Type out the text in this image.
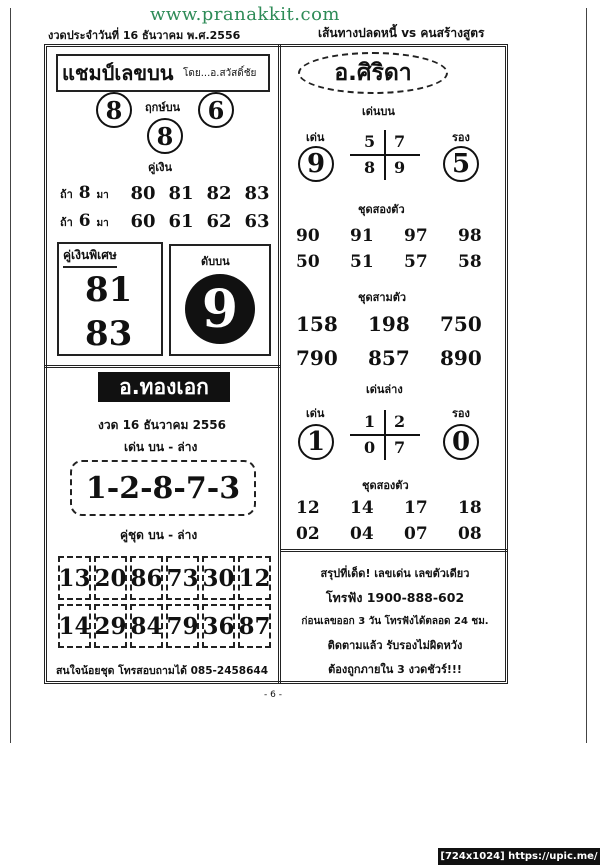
www.pranakkit.com
งวดประจำวันที่ 16 ธันวาคม พ.ศ.2556	เส้นทางปลดหนี้ vs คนสร้างสูตร
แชมป์เลขบน โดย...อ.สวัสดิ์ชัย
8	ฤกษ์บน	6
8
คู่เงิน
ถ้า 8 มา	80 81 82 83
ถ้า 6 มา	60 61 62 63
คู่เงินพิเศษ
81
83
ดับบน
9
อ.ทองเอก
งวด 16 ธันวาคม 2556
เด่น บน - ล่าง
1-2-8-7-3
คู่ชุด บน - ล่าง
13 20 86 73 30 12
14 29 84 79 36 87
สนใจน้อยชุด โทรสอบถามได้ 085-2458644
อ.ศิริดา
เด่นบน
เด่น
9
รอง
5
5 7
8 9
ชุดสองตัว
90 91 97 98
50 51 57 58
ชุดสามตัว
158 198 750
790 857 890
เด่นล่าง
เด่น
1
รอง
0
1 2
0 7
ชุดสองตัว
12 14 17 18
02 04 07 08
สรุปที่เด็ด! เลขเด่น เลขตัวเดียว
โทรฟัง 1900-888-602
ก่อนเลขออก 3 วัน โทรฟังได้ตลอด 24 ชม.
ติดตามแล้ว รับรองไม่ผิดหวัง
ต้องถูกภายใน 3 งวดชัวร์!!!
- 6 -
[724x1024] https://upic.me/
